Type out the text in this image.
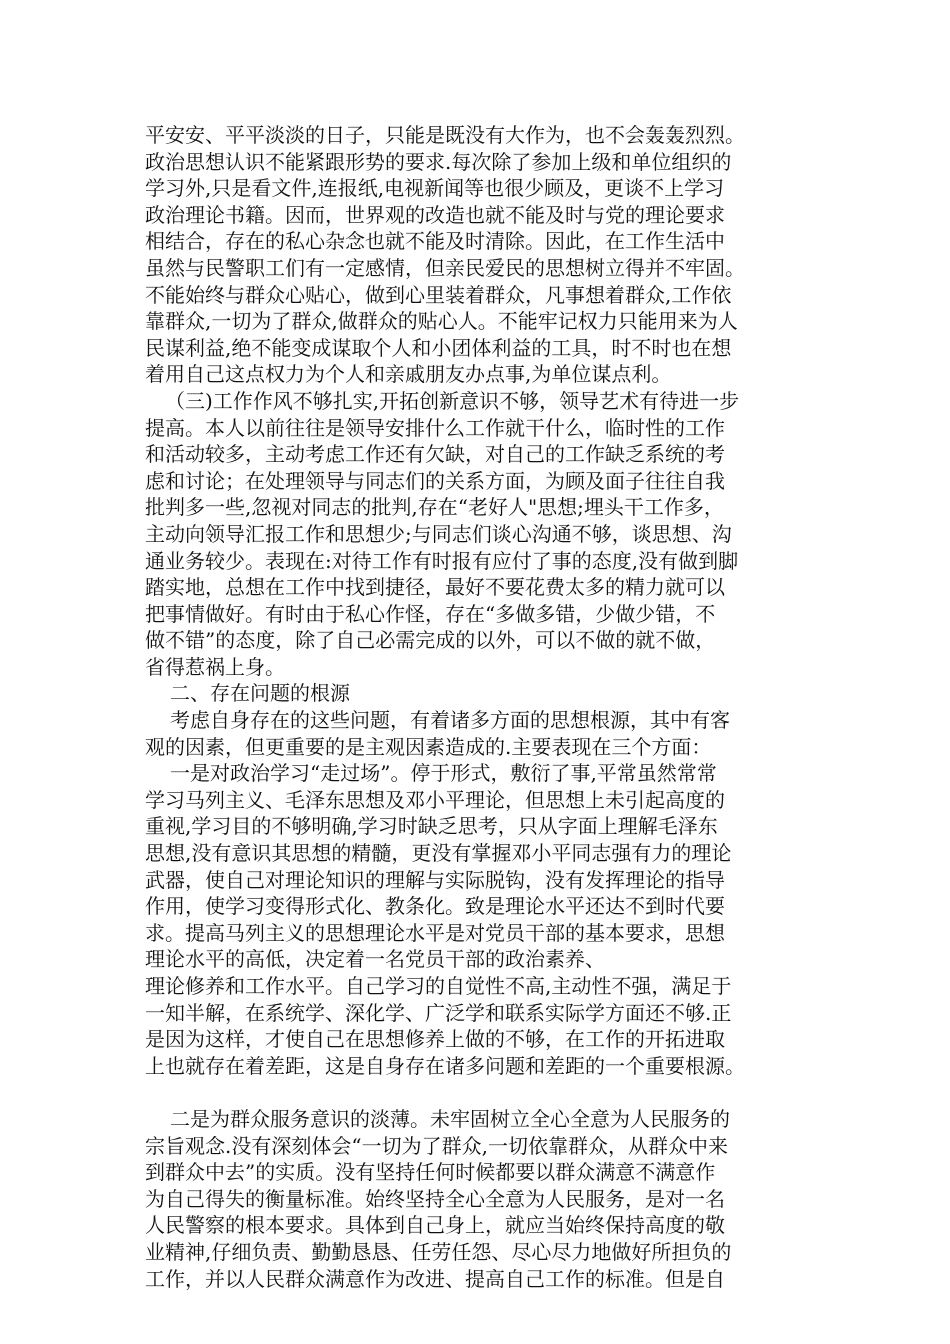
平安安、平平淡淡的日子，只能是既没有大作为，也不会轰轰烈烈。
政治思想认识不能紧跟形势的要求.每次除了参加上级和单位组织的
学习外,只是看文件,连报纸,电视新闻等也很少顾及，更谈不上学习
政治理论书籍。因而，世界观的改造也就不能及时与党的理论要求
相结合，存在的私心杂念也就不能及时清除。因此，在工作生活中
虽然与民警职工们有一定感情，但亲民爱民的思想树立得并不牢固。
不能始终与群众心贴心，做到心里装着群众，凡事想着群众,工作依
靠群众,一切为了群众,做群众的贴心人。不能牢记权力只能用来为人
民谋利益,绝不能变成谋取个人和小团体利益的工具，时不时也在想
着用自己这点权力为个人和亲戚朋友办点事,为单位谋点利。
（三)工作作风不够扎实,开拓创新意识不够，领导艺术有待进一步
提高。本人以前往往是领导安排什么工作就干什么，临时性的工作
和活动较多，主动考虑工作还有欠缺，对自己的工作缺乏系统的考
虑和讨论；在处理领导与同志们的关系方面，为顾及面子往往自我
批判多一些,忽视对同志的批判,存在“老好人"思想;埋头干工作多，
主动向领导汇报工作和思想少;与同志们谈心沟通不够，谈思想、沟
通业务较少。表现在:对待工作有时报有应付了事的态度,没有做到脚
踏实地，总想在工作中找到捷径，最好不要花费太多的精力就可以
把事情做好。有时由于私心作怪，存在“多做多错，少做少错，不
做不错”的态度，除了自己必需完成的以外，可以不做的就不做，
省得惹祸上身。
二、存在问题的根源
考虑自身存在的这些问题，有着诸多方面的思想根源，其中有客
观的因素，但更重要的是主观因素造成的.主要表现在三个方面：
一是对政治学习“走过场”。停于形式，敷衍了事,平常虽然常常
学习马列主义、毛泽东思想及邓小平理论，但思想上未引起高度的
重视,学习目的不够明确,学习时缺乏思考，只从字面上理解毛泽东
思想,没有意识其思想的精髓，更没有掌握邓小平同志强有力的理论
武器，使自己对理论知识的理解与实际脱钩，没有发挥理论的指导
作用，使学习变得形式化、教条化。致是理论水平还达不到时代要
求。提高马列主义的思想理论水平是对党员干部的基本要求，思想
理论水平的高低，决定着一名党员干部的政治素养、
理论修养和工作水平。自己学习的自觉性不高,主动性不强，满足于
一知半解，在系统学、深化学、广泛学和联系实际学方面还不够.正
是因为这样，才使自己在思想修养上做的不够，在工作的开拓进取
上也就存在着差距，这是自身存在诸多问题和差距的一个重要根源。
二是为群众服务意识的淡薄。未牢固树立全心全意为人民服务的
宗旨观念.没有深刻体会“一切为了群众,一切依靠群众，从群众中来
到群众中去”的实质。没有坚持任何时候都要以群众满意不满意作
为自己得失的衡量标准。始终坚持全心全意为人民服务，是对一名
人民警察的根本要求。具体到自己身上，就应当始终保持高度的敬
业精神,仔细负责、勤勤恳恳、任劳任怨、尽心尽力地做好所担负的
工作，并以人民群众满意作为改进、提高自己工作的标准。但是自
